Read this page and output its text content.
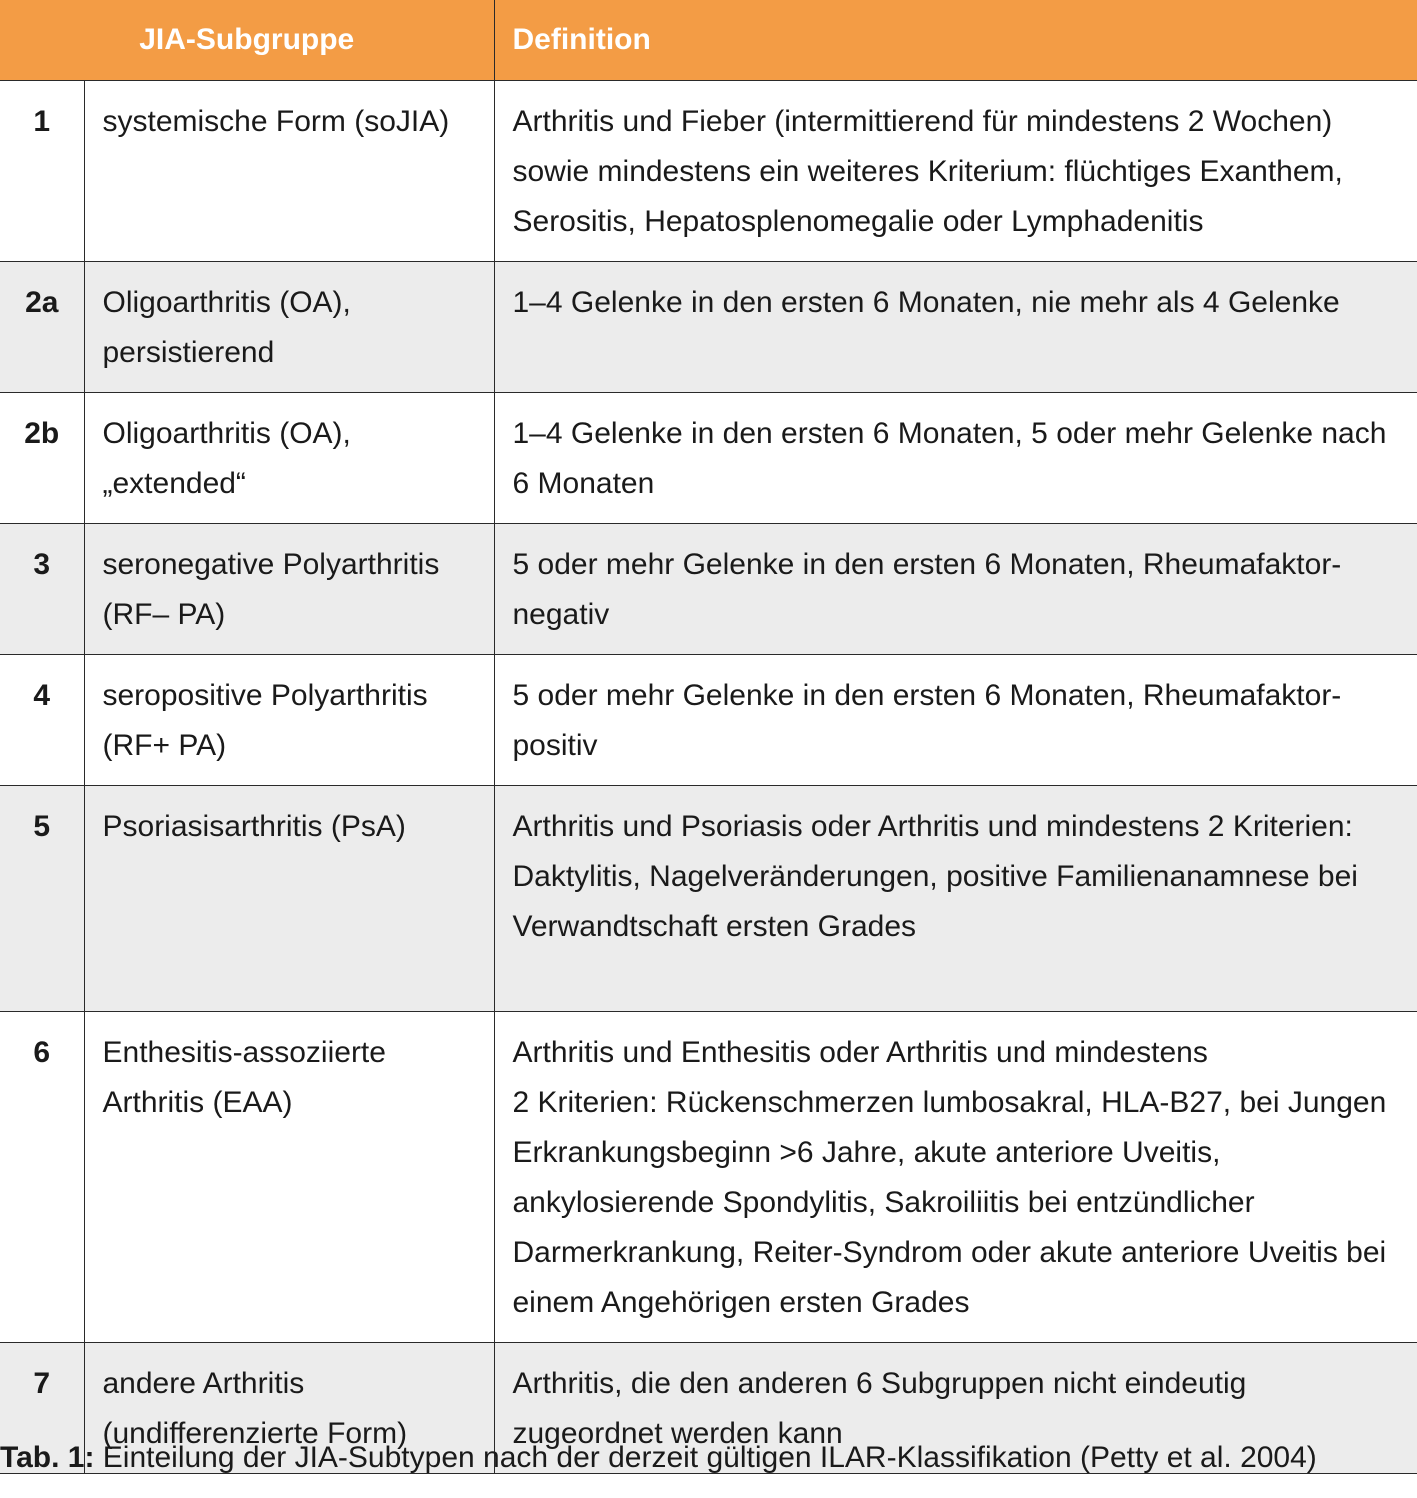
JIA-Subgruppe		Definition
1	systemische Form (soJIA)	Arthritis und Fieber (intermittierend für mindestens 2 Wochen) sowie mindestens ein weiteres Kriterium: flüchtiges Exanthem, Serositis, Hepatosplenomegalie oder Lymphadenitis

2a	Oligoarthritis (OA), persistierend	1–4 Gelenke in den ersten 6 Monaten, nie mehr als 4 Gelenke

2b	Oligoarthritis (OA), „extended“	1–4 Gelenke in den ersten 6 Monaten, 5 oder mehr Gelenke nach 6 Monaten

3	seronegative Polyarthritis (RF– PA)	5 oder mehr Gelenke in den ersten 6 Monaten, Rheumafaktor-negativ

4	seropositive Polyarthritis (RF+ PA)	5 oder mehr Gelenke in den ersten 6 Monaten, Rheumafaktor-positiv

5	Psoriasisarthritis (PsA)	Arthritis und Psoriasis oder Arthritis und mindestens 2 Kriterien:
Daktylitis, Nagelveränderungen, positive Familienanamnese bei Verwandtschaft ersten Grades

6	Enthesitis-assoziierte Arthritis (EAA)	Arthritis und Enthesitis oder Arthritis und mindestens
2 Kriterien: Rückenschmerzen lumbosakral, HLA-B27, bei Jungen Erkrankungsbeginn >6 Jahre, akute anteriore Uveitis, ankylosierende Spondylitis, Sakroiliitis bei entzündlicher Darmerkrankung, Reiter-Syndrom oder akute anteriore Uveitis bei einem Angehörigen ersten Grades

7	andere Arthritis (undifferenzierte Form)	Arthritis, die den anderen 6 Subgruppen nicht eindeutig zugeordnet werden kann
Tab. 1: Einteilung der JIA-Subtypen nach der derzeit gültigen ILAR-Klassifikation (Petty et al. 2004)
